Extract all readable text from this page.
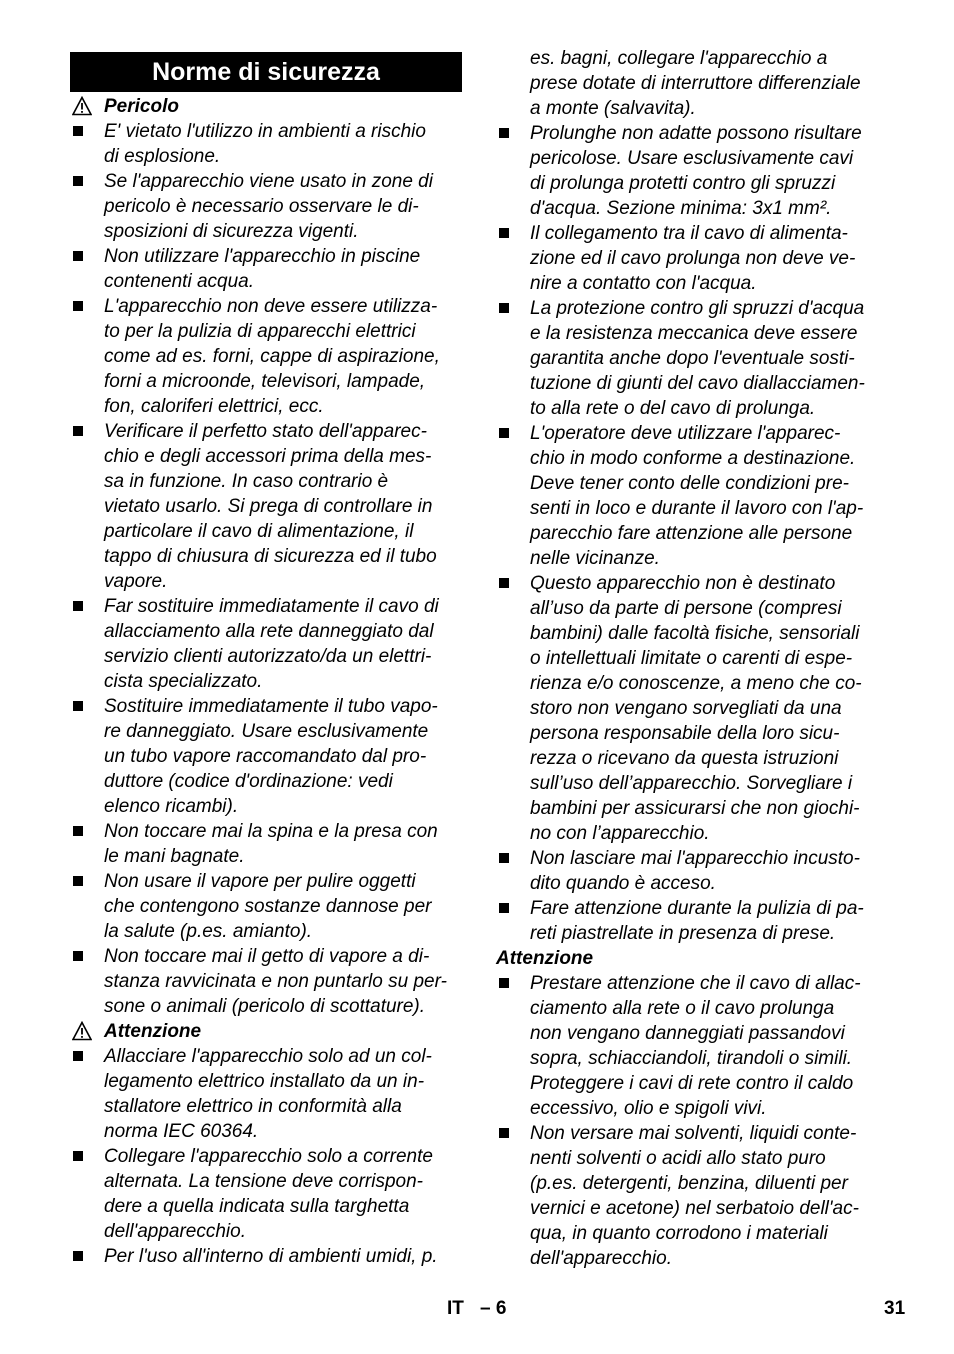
Norme di sicurezza
Pericolo
E' vietato l'utilizzo in ambienti a rischio
di esplosione.
Se l'apparecchio viene usato in zone di
pericolo è necessario osservare le di-
sposizioni di sicurezza vigenti.
Non utilizzare l'apparecchio in piscine
contenenti acqua.
L'apparecchio non deve essere utilizza-
to per la pulizia di apparecchi elettrici
come ad es. forni, cappe di aspirazione,
forni a microonde, televisori, lampade,
fon, caloriferi elettrici, ecc.
Verificare il perfetto stato dell'apparec-
chio e degli accessori prima della mes-
sa in funzione. In caso contrario è
vietato usarlo. Si prega di controllare in
particolare il cavo di alimentazione, il
tappo di chiusura di sicurezza ed il tubo
vapore.
Far sostituire immediatamente il cavo di
allacciamento alla rete danneggiato dal
servizio clienti autorizzato/da un elettri-
cista specializzato.
Sostituire immediatamente il tubo vapo-
re danneggiato. Usare esclusivamente
un tubo vapore raccomandato dal pro-
duttore (codice d'ordinazione: vedi
elenco ricambi).
Non toccare mai la spina e la presa con
le mani bagnate.
Non usare il vapore per pulire oggetti
che contengono sostanze dannose per
la salute (p.es. amianto).
Non toccare mai il getto di vapore a di-
stanza ravvicinata e non puntarlo su per-
sone o animali (pericolo di scottature).
Attenzione
Allacciare l'apparecchio solo ad un col-
legamento elettrico installato da un in-
stallatore elettrico in conformità alla
norma IEC 60364.
Collegare l'apparecchio solo a corrente
alternata. La tensione deve corrispon-
dere a quella indicata sulla targhetta
dell'apparecchio.
Per l'uso all'interno di ambienti umidi, p.
es. bagni, collegare l'apparecchio a
prese dotate di interruttore differenziale
a monte (salvavita).
Prolunghe non adatte possono risultare
pericolose. Usare esclusivamente cavi
di prolunga protetti contro gli spruzzi
d'acqua. Sezione minima: 3x1 mm².
Il collegamento tra il cavo di alimenta-
zione ed il cavo prolunga non deve ve-
nire a contatto con l'acqua.
La protezione contro gli spruzzi d'acqua
e la resistenza meccanica deve essere
garantita anche dopo l'eventuale sosti-
tuzione di giunti del cavo diallacciamen-
to alla rete o del cavo di prolunga.
L'operatore deve utilizzare l'apparec-
chio in modo conforme a destinazione.
Deve tener conto delle condizioni pre-
senti in loco e durante il lavoro con l'ap-
parecchio fare attenzione alle persone
nelle vicinanze.
Questo apparecchio non è destinato
all’uso da parte di persone (compresi
bambini) dalle facoltà fisiche, sensoriali
o intellettuali limitate o carenti di espe-
rienza e/o conoscenze, a meno che co-
storo non vengano sorvegliati da una
persona responsabile della loro sicu-
rezza o ricevano da questa istruzioni
sull’uso dell’apparecchio. Sorvegliare i
bambini per assicurarsi che non giochi-
no con l’apparecchio.
Non lasciare mai l'apparecchio incusto-
dito quando è acceso.
Fare attenzione durante la pulizia di pa-
reti piastrellate in presenza di prese.
Attenzione
Prestare attenzione che il cavo di allac-
ciamento alla rete o il cavo prolunga
non vengano danneggiati passandovi
sopra, schiacciandoli, tirandoli o simili.
Proteggere i cavi di rete contro il caldo
eccessivo, olio e spigoli vivi.
Non versare mai solventi, liquidi conte-
nenti solventi o acidi allo stato puro
(p.es. detergenti, benzina, diluenti per
vernici e acetone) nel serbatoio dell'ac-
qua, in quanto corrodono i materiali
dell'apparecchio.
IT – 6	31
